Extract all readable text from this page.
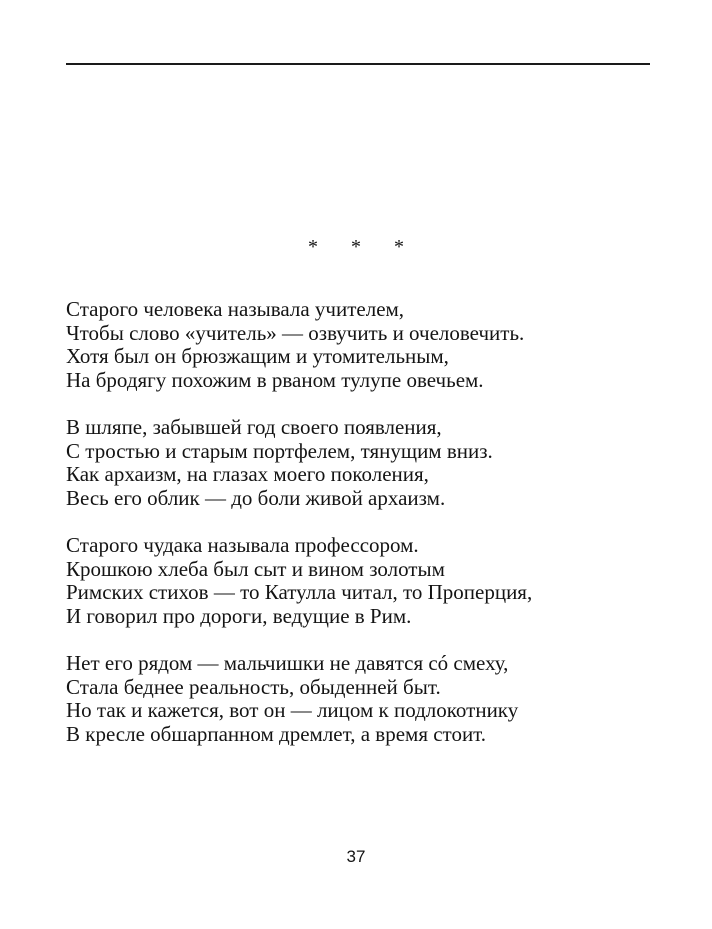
* * *
Старого человека называла учителем,
Чтобы слово «учитель» — озвучить и очеловечить.
Хотя был он брюзжащим и утомительным,
На бродягу похожим в рваном тулупе овечьем.
В шляпе, забывшей год своего появления,
С тростью и старым портфелем, тянущим вниз.
Как архаизм, на глазах моего поколения,
Весь его облик — до боли живой архаизм.
Старого чудака называла профессором.
Крошкою хлеба был сыт и вином золотым
Римских стихов — то Катулла читал, то Проперция,
И говорил про дороги, ведущие в Рим.
Нет его рядом — мальчишки не давятся сó смеху,
Стала беднее реальность, обыденней быт.
Но так и кажется, вот он — лицом к подлокотнику
В кресле обшарпанном дремлет, а время стоит.
37
